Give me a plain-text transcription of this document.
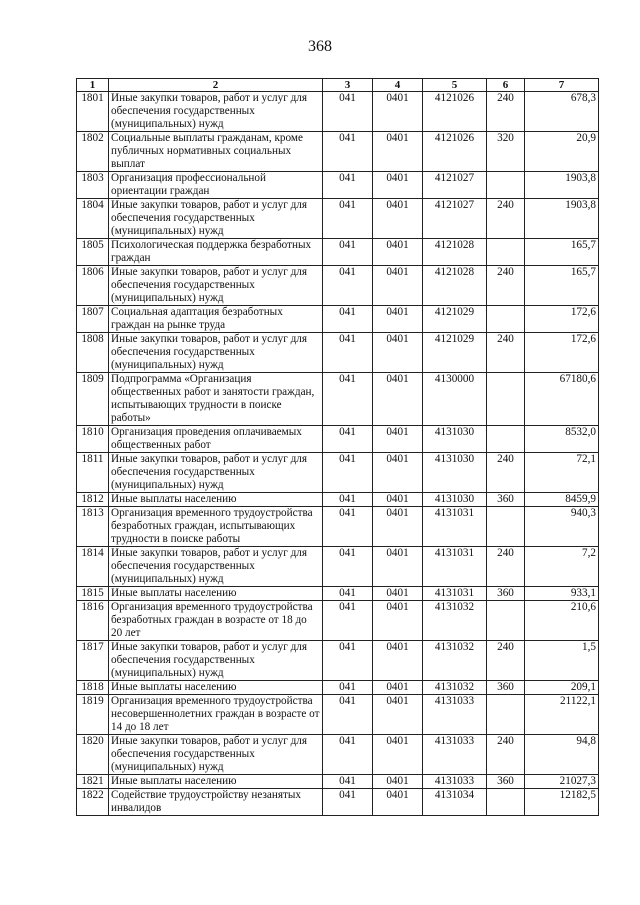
368
1	2	3	4	5	6	7
1801	Иные закупки товаров, работ и услуг для обеспечения государственных (муниципальных) нужд	041	0401	4121026	240	678,3
1802	Социальные выплаты гражданам, кроме публичных нормативных социальных выплат	041	0401	4121026	320	20,9
1803	Организация профессиональной ориентации граждан	041	0401	4121027		1903,8
1804	Иные закупки товаров, работ и услуг для обеспечения государственных (муниципальных) нужд	041	0401	4121027	240	1903,8
1805	Психологическая поддержка безработных граждан	041	0401	4121028		165,7
1806	Иные закупки товаров, работ и услуг для обеспечения государственных (муниципальных) нужд	041	0401	4121028	240	165,7
1807	Социальная адаптация безработных граждан на рынке труда	041	0401	4121029		172,6
1808	Иные закупки товаров, работ и услуг для обеспечения государственных (муниципальных) нужд	041	0401	4121029	240	172,6
1809	Подпрограмма «Организация общественных работ и занятости граждан, испытывающих трудности в поиске работы»	041	0401	4130000		67180,6
1810	Организация проведения оплачиваемых общественных работ	041	0401	4131030		8532,0
1811	Иные закупки товаров, работ и услуг для обеспечения государственных (муниципальных) нужд	041	0401	4131030	240	72,1
1812	Иные выплаты населению	041	0401	4131030	360	8459,9
1813	Организация временного трудоустройства безработных граждан, испытывающих трудности в поиске работы	041	0401	4131031		940,3
1814	Иные закупки товаров, работ и услуг для обеспечения государственных (муниципальных) нужд	041	0401	4131031	240	7,2
1815	Иные выплаты населению	041	0401	4131031	360	933,1
1816	Организация временного трудоустройства безработных граждан в возрасте от 18 до 20 лет	041	0401	4131032		210,6
1817	Иные закупки товаров, работ и услуг для обеспечения государственных (муниципальных) нужд	041	0401	4131032	240	1,5
1818	Иные выплаты населению	041	0401	4131032	360	209,1
1819	Организация временного трудоустройства несовершеннолетних граждан в возрасте от 14 до 18 лет	041	0401	4131033		21122,1
1820	Иные закупки товаров, работ и услуг для обеспечения государственных (муниципальных) нужд	041	0401	4131033	240	94,8
1821	Иные выплаты населению	041	0401	4131033	360	21027,3
1822	Содействие трудоустройству незанятых инвалидов	041	0401	4131034		12182,5
